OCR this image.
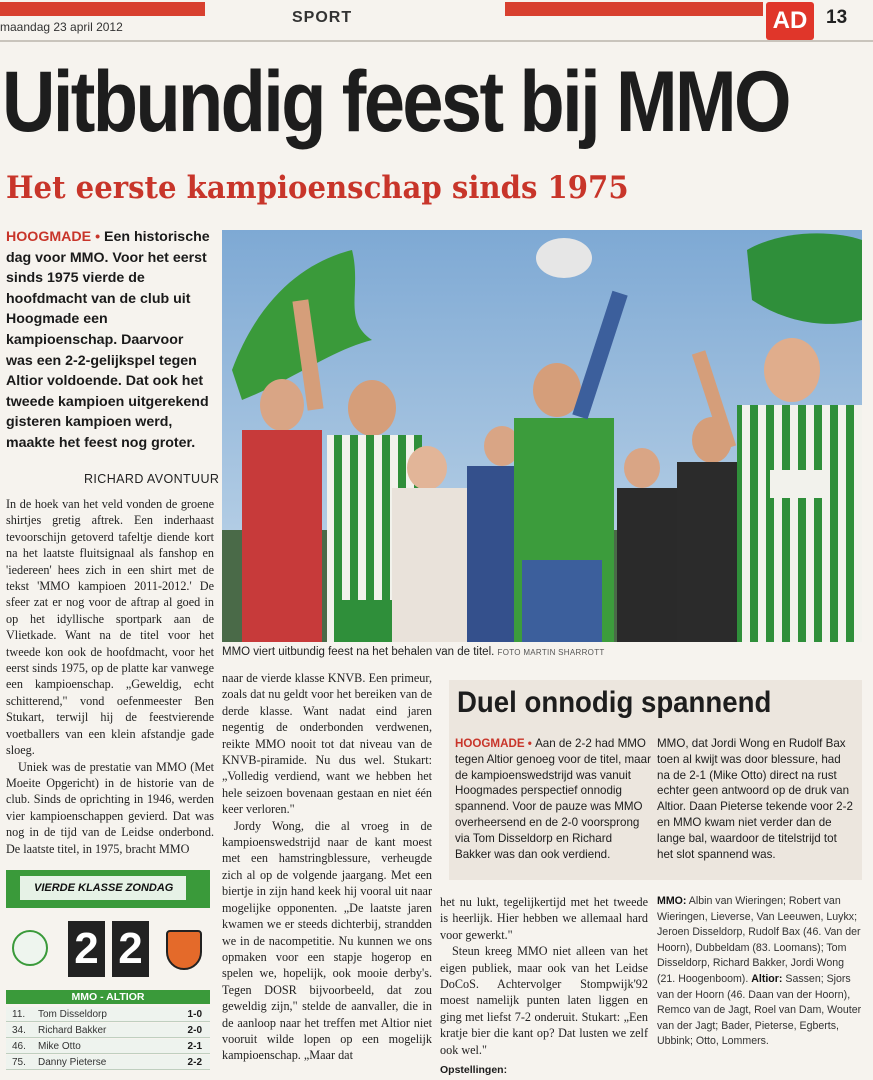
maandag 23 april 2012
SPORT	AD 13
Uitbundig feest bij MMO
Het eerste kampioenschap sinds 1975
HOOGMADE • Een historische dag voor MMO. Voor het eerst sinds 1975 vierde de hoofdmacht van de club uit Hoogmade een kampioenschap. Daarvoor was een 2-2-gelijkspel tegen Altior voldoende. Dat ook het tweede kampioen uitgerekend gisteren kampioen werd, maakte het feest nog groter.
RICHARD AVONTUUR

In de hoek van het veld vonden de groene shirtjes gretig aftrek. Een inderhaast tevoorschijn getoverd tafeltje diende kort na het laatste fluitsignaal als fanshop en 'iedereen' hees zich in een shirt met de tekst 'MMO kampioen 2011-2012.' De sfeer zat er nog voor de aftrap al goed in op het idyllische sportpark aan de Vlietkade. Want na de titel voor het tweede kon ook de hoofdmacht, voor het eerst sinds 1975, op de platte kar vanwege een kampioenschap. „Geweldig, echt schitterend," vond oefenmeester Ben Stukart, terwijl hij de feestvierende voetballers van een klein afstandje gade sloeg.

Uniek was de prestatie van MMO (Met Moeite Opgericht) in de historie van de club. Sinds de oprichting in 1946, werden vier kampioenschappen gevierd. Dat was nog in de tijd van de Leidse onderbond. De laatste titel, in 1975, bracht MMO

MMO viert uitbundig feest na het behalen van de titel. FOTO MARTIN SHARROTT

naar de vierde klasse KNVB. Een primeur, zoals dat nu geldt voor het bereiken van de derde klasse. Want nadat eind jaren negentig de onderbonden verdwenen, reikte MMO nooit tot dat niveau van de KNVB-piramide. Nu dus wel. Stukart: „Volledig verdiend, want we hebben het hele seizoen bovenaan gestaan en niet één keer verloren."

Jordy Wong, die al vroeg in de kampioenswedstrijd naar de kant moest met een hamstringblessure, verheugde zich al op de volgende jaargang. Met een biertje in zijn hand keek hij vooral uit naar mogelijke opponenten. „De laatste jaren kwamen we er steeds dichterbij, strandden we in de nacompetitie. Nu kunnen we ons opmaken voor een stapje hogerop en spelen we, hopelijk, ook mooie derby's. Tegen DOSR bijvoorbeeld, dat zou geweldig zijn," stelde de aanvaller, die in de aanloop naar het treffen met Altior niet vooruit wilde lopen op een mogelijk kampioenschap. „Maar dat

Duel onnodig spannend
HOOGMADE • Aan de 2-2 had MMO tegen Altior genoeg voor de titel, maar de kampioenswedstrijd was vanuit Hoogmades perspectief onnodig spannend. Voor de pauze was MMO overheersend en de 2-0 voorsprong via Tom Disseldorp en Richard Bakker was dan ook verdiend.
MMO, dat Jordi Wong en Rudolf Bax toen al kwijt was door blessure, had na de 2-1 (Mike Otto) direct na rust echter geen antwoord op de druk van Altior. Daan Pieterse tekende voor 2-2 en MMO kwam niet verder dan de lange bal, waardoor de titelstrijd tot het slot spannend was.

het nu lukt, tegelijkertijd met het tweede is heerlijk. Hier hebben we allemaal hard voor gewerkt."

Steun kreeg MMO niet alleen van het eigen publiek, maar ook van het Leidse DoCoS. Achtervolger Stompwijk'92 moest namelijk punten laten liggen en ging met liefst 7-2 onderuit. Stukart: „Een kratje bier die kant op? Dat lusten we zelf ook wel."

Opstellingen:
MMO: Albin van Wieringen; Robert van Wieringen, Lieverse, Van Leeuwen, Luykx; Jeroen Disseldorp, Rudolf Bax (46. Van der Hoorn), Dubbeldam (83. Loomans); Tom Disseldorp, Richard Bakker, Jordi Wong (21. Hoogenboom). Altior: Sassen; Sjors van der Hoorn (46. Daan van der Hoorn), Remco van de Jagt, Roel van Dam, Wouter van der Jagt; Bader, Pieterse, Egberts, Ubbink; Otto, Lommers.
VIERDE KLASSE ZONDAG
2 2
MMO - ALTIOR
11. Tom Disseldorp	1-0
34. Richard Bakker	2-0
46. Mike Otto	2-1
75. Danny Pieterse	2-2
